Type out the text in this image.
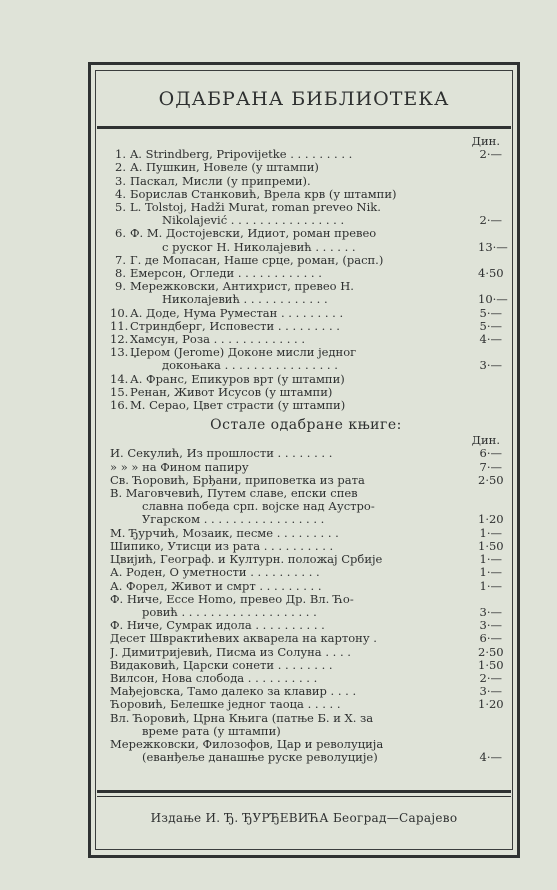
ОДАБРАНА БИБЛИОТЕКА
Дин.
1. A. Strindberg, Pripovijetke . . . . . . . . .	2·—
2. А. Пушкин, Новеле (у штампи)
3. Паскал, Мисли (у припреми).
4. Борислав Станковић, Врела крв (у штампи)
5. L. Tolstoj, Hadži Murat, roman preveo Nik.
Nikolajević . . . . . . . . . . . . . . . .	2·—
6. Ф. М. Достојевски, Идиот, роман превео
с руског Н. Николајевић . . . . . .	13·—
7. Г. де Мопасан, Наше срце, роман, (расп.)
8. Емерсон, Огледи . . . . . . . . . . . .	4·50
9. Мережковски, Антихрист, превео Н.
Николајевић . . . . . . . . . . . .	10·—
10. А. Доде, Нума Руместан . . . . . . . . .	5·—
11. Стриндберг, Исповести . . . . . . . . .	5·—
12. Хамсун, Роза . . . . . . . . . . . . .	4·—
13. Џером (Jerome) Доконе мисли једног
докоњака . . . . . . . . . . . . . . . .	3·—
14. А. Франс, Епикуров врт (у штампи)
15. Ренан, Живот Исусов (у штампи)
16. М. Серао, Цвет страсти (у штампи)
Остале одабране књиге:
Дин.
И. Секулић, Из прошлости . . . . . . . .	6·—
» » » на Фином папиру	7·—
Св. Ћоровић, Брђани, приповетка из рата	2·50
В. Маговчевић, Путем славе, епски спев
славна победа срп. војске над Аустро-
Угарском . . . . . . . . . . . . . . . . .	1·20
М. Ђурчић, Мозаик, песме . . . . . . . . .	1·—
Шипико, Утисци из рата . . . . . . . . . .	1·50
Цвијић, Географ. и Културн. положај Србије	1·—
А. Роден, О уметности . . . . . . . . . .	1·—
А. Форел, Живот и смрт . . . . . . . . .	1·—
Ф. Ниче, Ессе Homo, превео Др. Вл. Ћо-
ровић . . . . . . . . . . . . . . . . . . .	3·—
Ф. Ниче, Сумрак идола . . . . . . . . . .	3·—
Десет Шврактићевих акварела на картону .	6·—
Ј. Димитријевић, Писма из Солуна . . . .	2·50
Видаковић, Царски сонети . . . . . . . .	1·50
Вилсон, Нова слобода . . . . . . . . . .	2·—
Мађејовска, Тамо далеко за клавир . . . .	3·—
Ћоровић, Белешке једног таоца . . . . .	1·20
Вл. Ћоровић, Црна Књига (патње Б. и Х. за
време рата (у штампи)
Мережковски, Филозофов, Цар и револуција
(еванђеље данашње руске револуције)	4·—
Издање И. Ђ. ЂУРЂЕВИЋА Београд—Сарајево
